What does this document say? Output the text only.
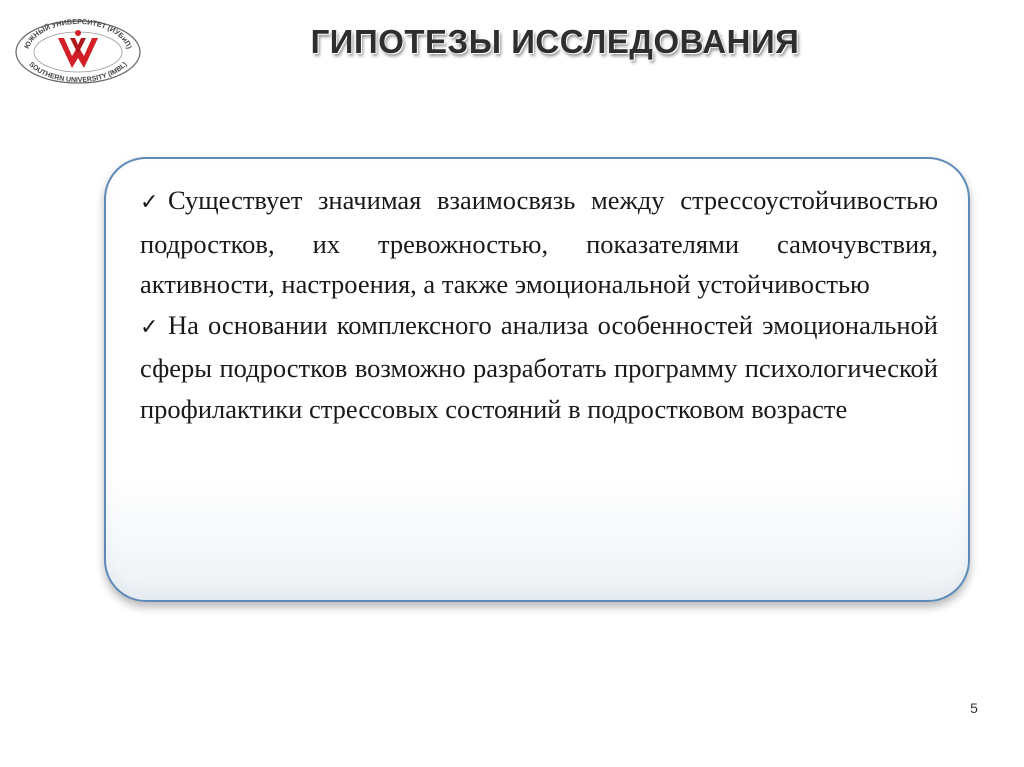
ЮЖНЫЙ УНИВЕРСИТЕТ (ИУБиП)
SOUTHERN UNIVERSITY (IMBL)
ГИПОТЕЗЫ ИССЛЕДОВАНИЯ

✓ Существует значимая взаимосвязь между стрессоустойчивостью подростков, их тревожностью, показателями самочувствия, активности, настроения, а также эмоциональной устойчивостью

✓ На основании комплексного анализа особенностей эмоциональной сферы подростков возможно разработать программу психологической профилактики стрессовых состояний в подростковом возрасте

5
